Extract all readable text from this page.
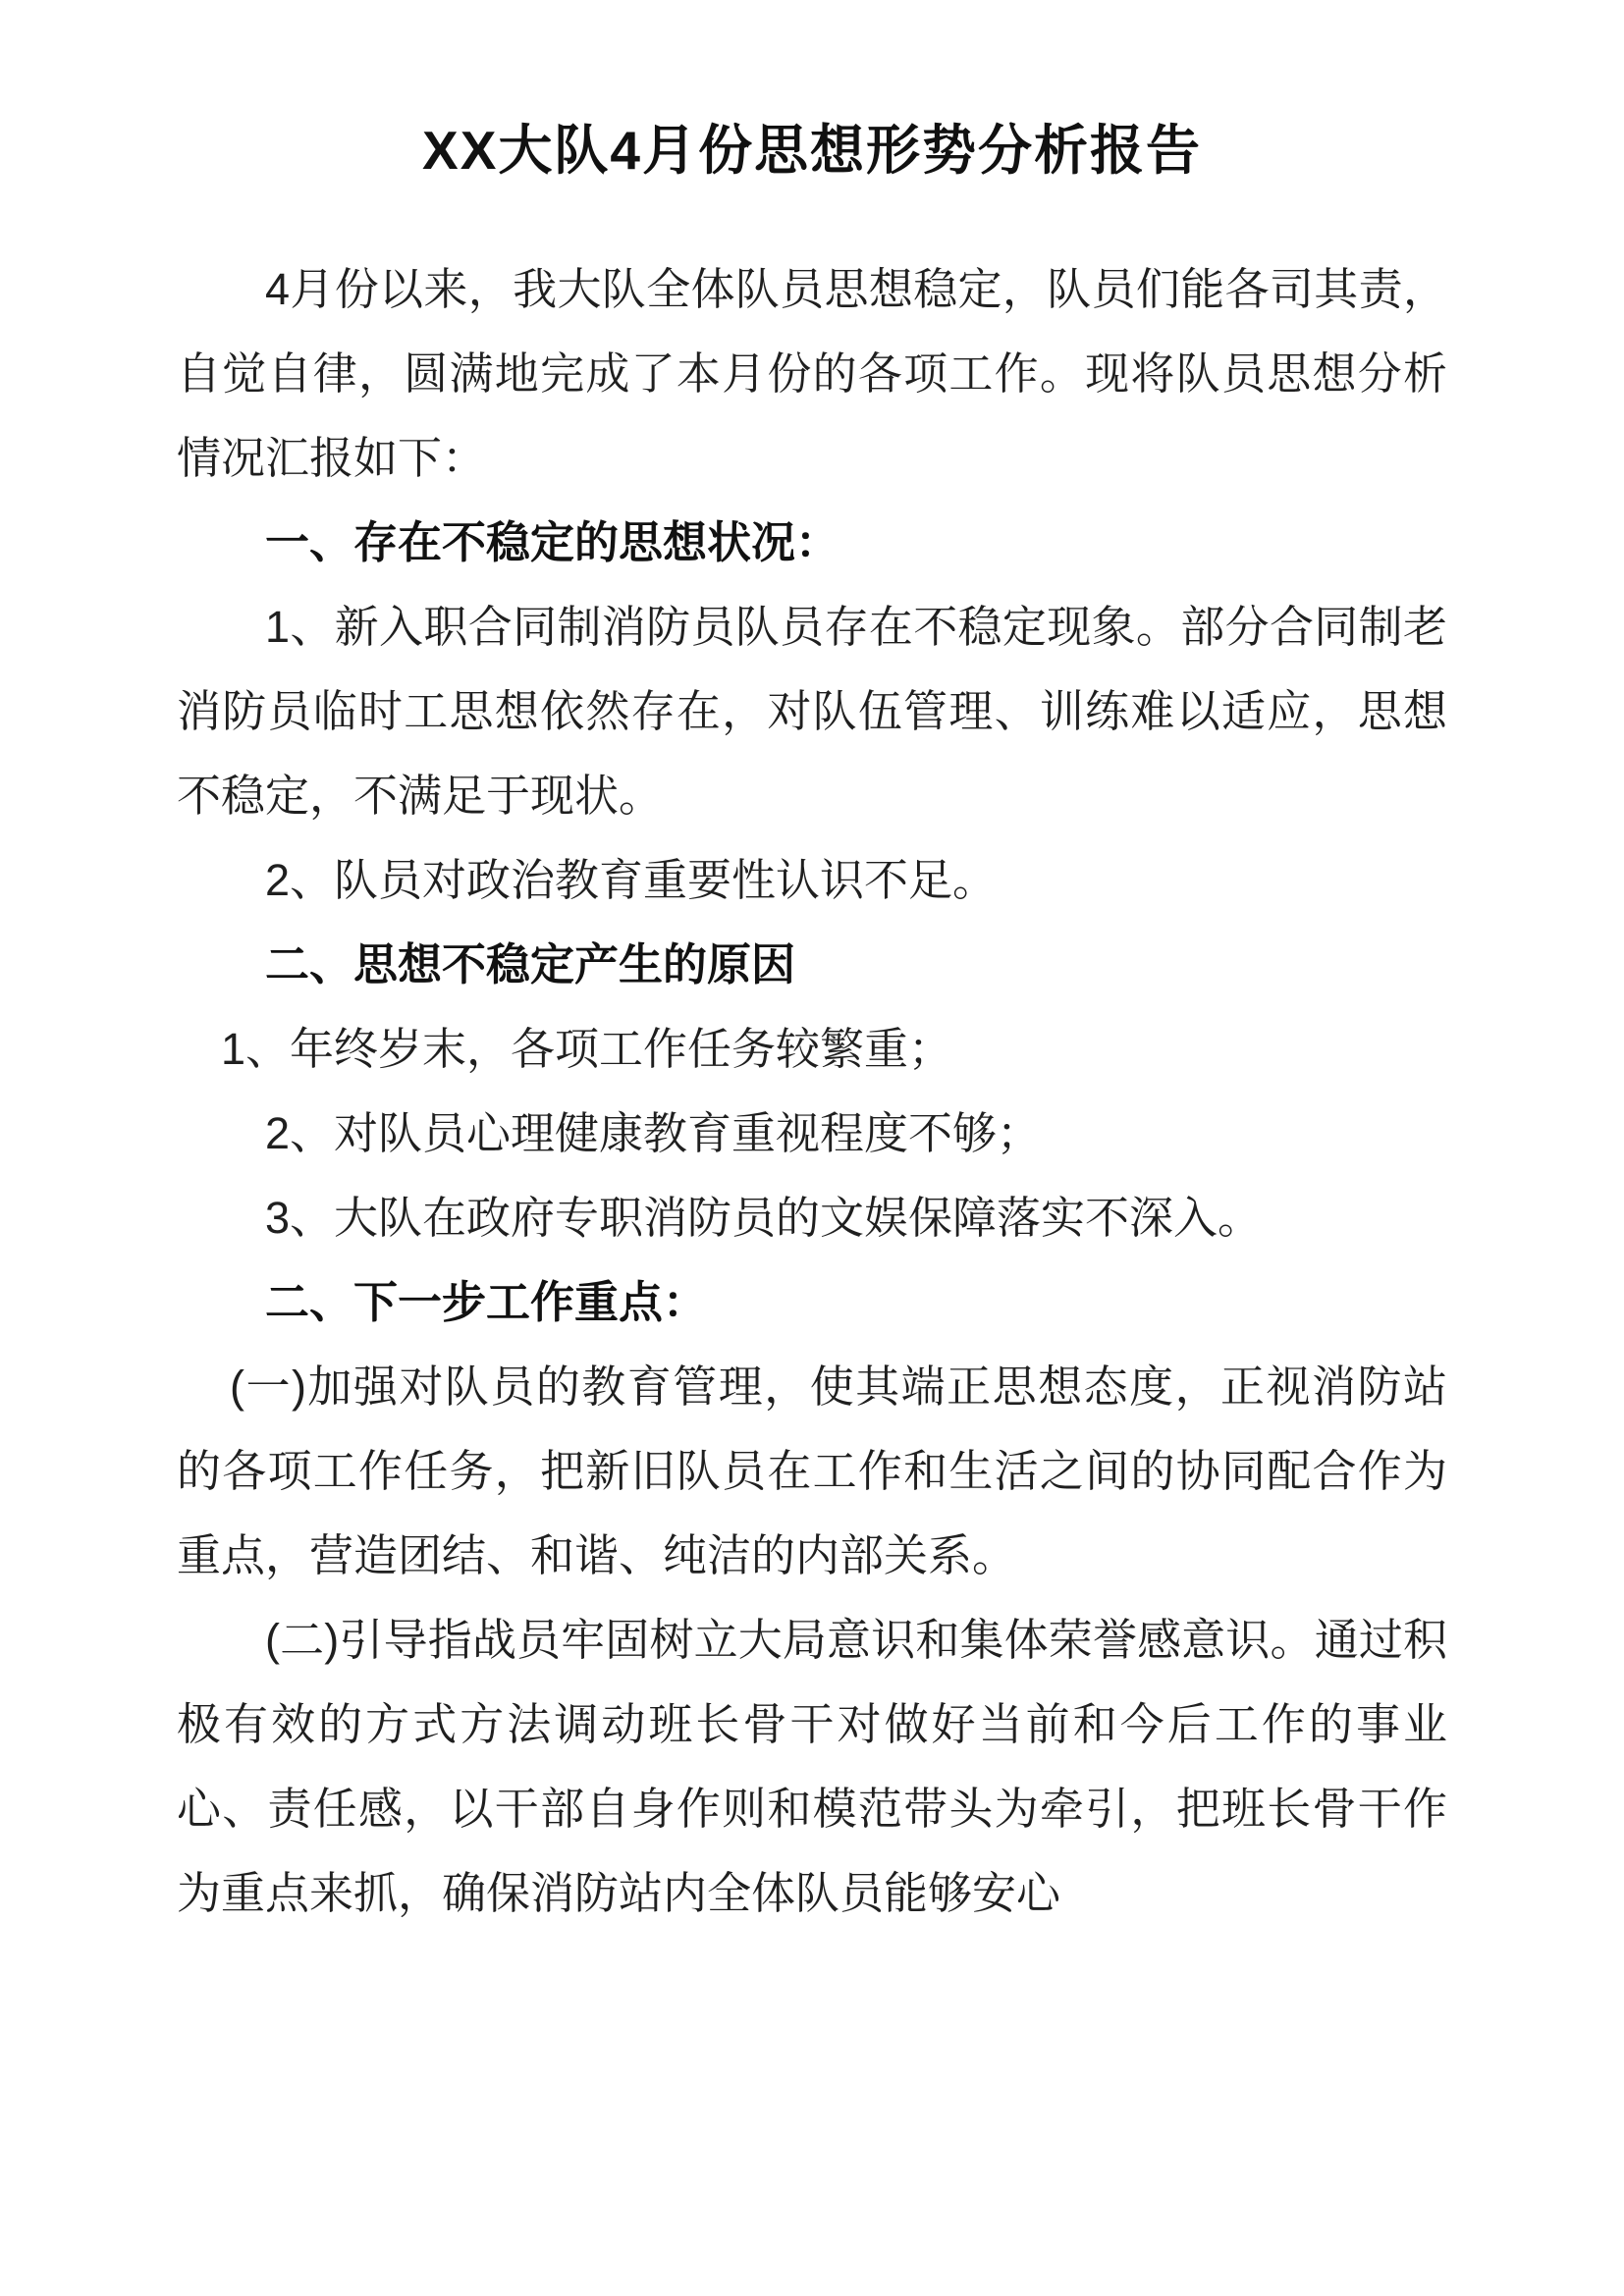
XX大队4月份思想形势分析报告

4月份以来，我大队全体队员思想稳定，队员们能各司其责，自觉自律，圆满地完成了本月份的各项工作。现将队员思想分析情况汇报如下：

一、存在不稳定的思想状况：

1、新入职合同制消防员队员存在不稳定现象。部分合同制老消防员临时工思想依然存在，对队伍管理、训练难以适应，思想不稳定，不满足于现状。

2、队员对政治教育重要性认识不足。

二、思想不稳定产生的原因

1、年终岁末，各项工作任务较繁重；

2、对队员心理健康教育重视程度不够；

3、大队在政府专职消防员的文娱保障落实不深入。

二、下一步工作重点：

(一)加强对队员的教育管理，使其端正思想态度，正视消防站的各项工作任务，把新旧队员在工作和生活之间的协同配合作为重点，营造团结、和谐、纯洁的内部关系。

(二)引导指战员牢固树立大局意识和集体荣誉感意识。通过积极有效的方式方法调动班长骨干对做好当前和今后工作的事业心、责任感，以干部自身作则和模范带头为牵引，把班长骨干作为重点来抓，确保消防站内全体队员能够安心
